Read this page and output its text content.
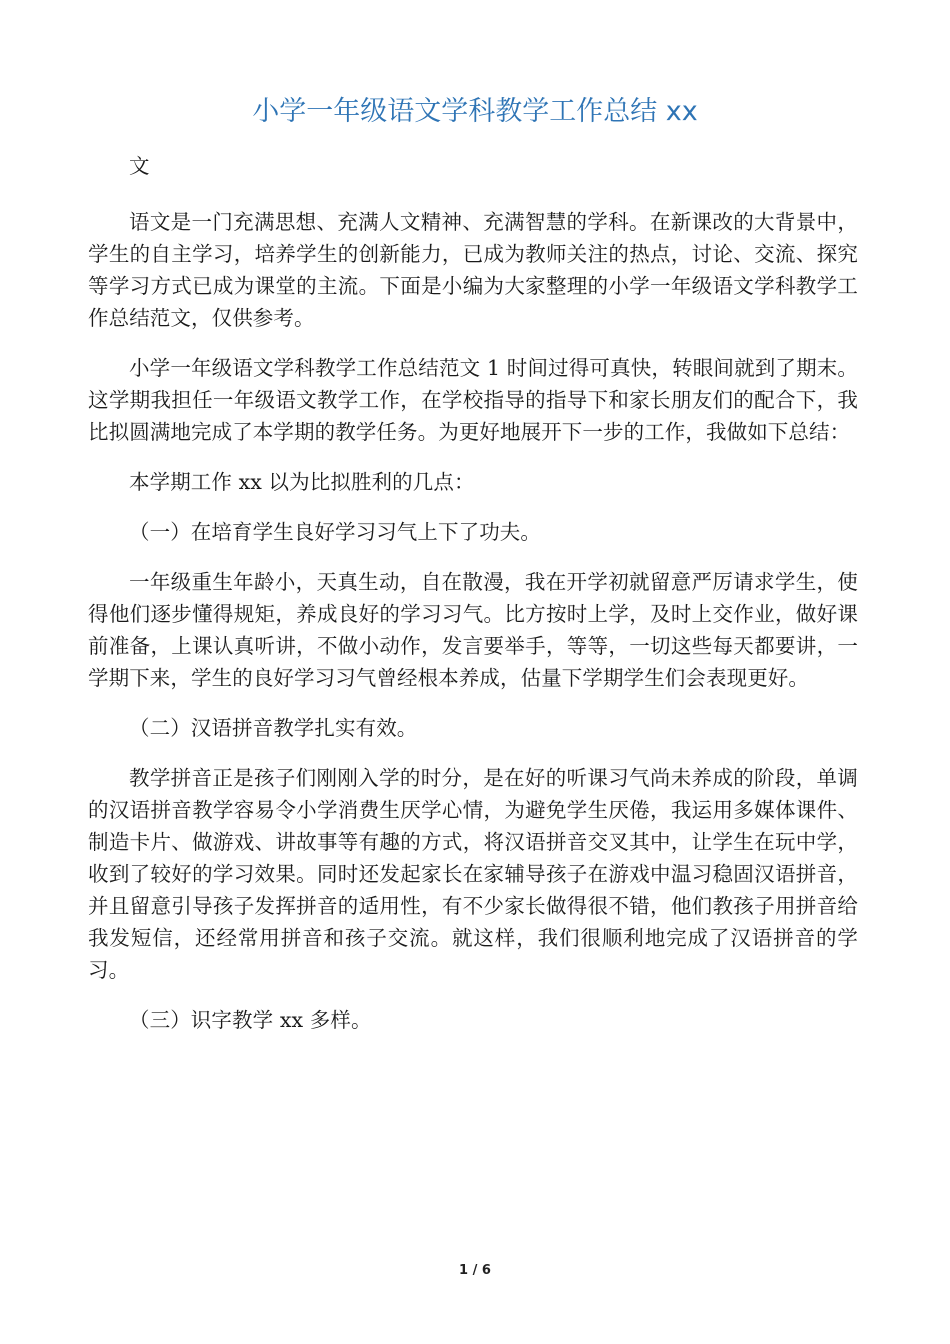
小学一年级语文学科教学工作总结 xx

文

语文是一门充满思想、充满人文精神、充满智慧的学科。在新课改的大背景中，学生的自主学习，培养学生的创新能力，已成为教师关注的热点，讨论、交流、探究等学习方式已成为课堂的主流。下面是小编为大家整理的小学一年级语文学科教学工作总结范文，仅供参考。

小学一年级语文学科教学工作总结范文 1 时间过得可真快，转眼间就到了期末。这学期我担任一年级语文教学工作，在学校指导的指导下和家长朋友们的配合下，我比拟圆满地完成了本学期的教学任务。为更好地展开下一步的工作，我做如下总结：

本学期工作 xx 以为比拟胜利的几点：

（一）在培育学生良好学习习气上下了功夫。

一年级重生年龄小，天真生动，自在散漫，我在开学初就留意严厉请求学生，使得他们逐步懂得规矩，养成良好的学习习气。比方按时上学，及时上交作业，做好课前准备，上课认真听讲，不做小动作，发言要举手，等等，一切这些每天都要讲，一学期下来，学生的良好学习习气曾经根本养成，估量下学期学生们会表现更好。

（二）汉语拼音教学扎实有效。

教学拼音正是孩子们刚刚入学的时分，是在好的听课习气尚未养成的阶段，单调的汉语拼音教学容易令小学消费生厌学心情，为避免学生厌倦，我运用多媒体课件、制造卡片、做游戏、讲故事等有趣的方式，将汉语拼音交叉其中，让学生在玩中学，收到了较好的学习效果。同时还发起家长在家辅导孩子在游戏中温习稳固汉语拼音，并且留意引导孩子发挥拼音的适用性，有不少家长做得很不错，他们教孩子用拼音给我发短信，还经常用拼音和孩子交流。就这样，我们很顺利地完成了汉语拼音的学习。

（三）识字教学 xx 多样。

1 / 6
